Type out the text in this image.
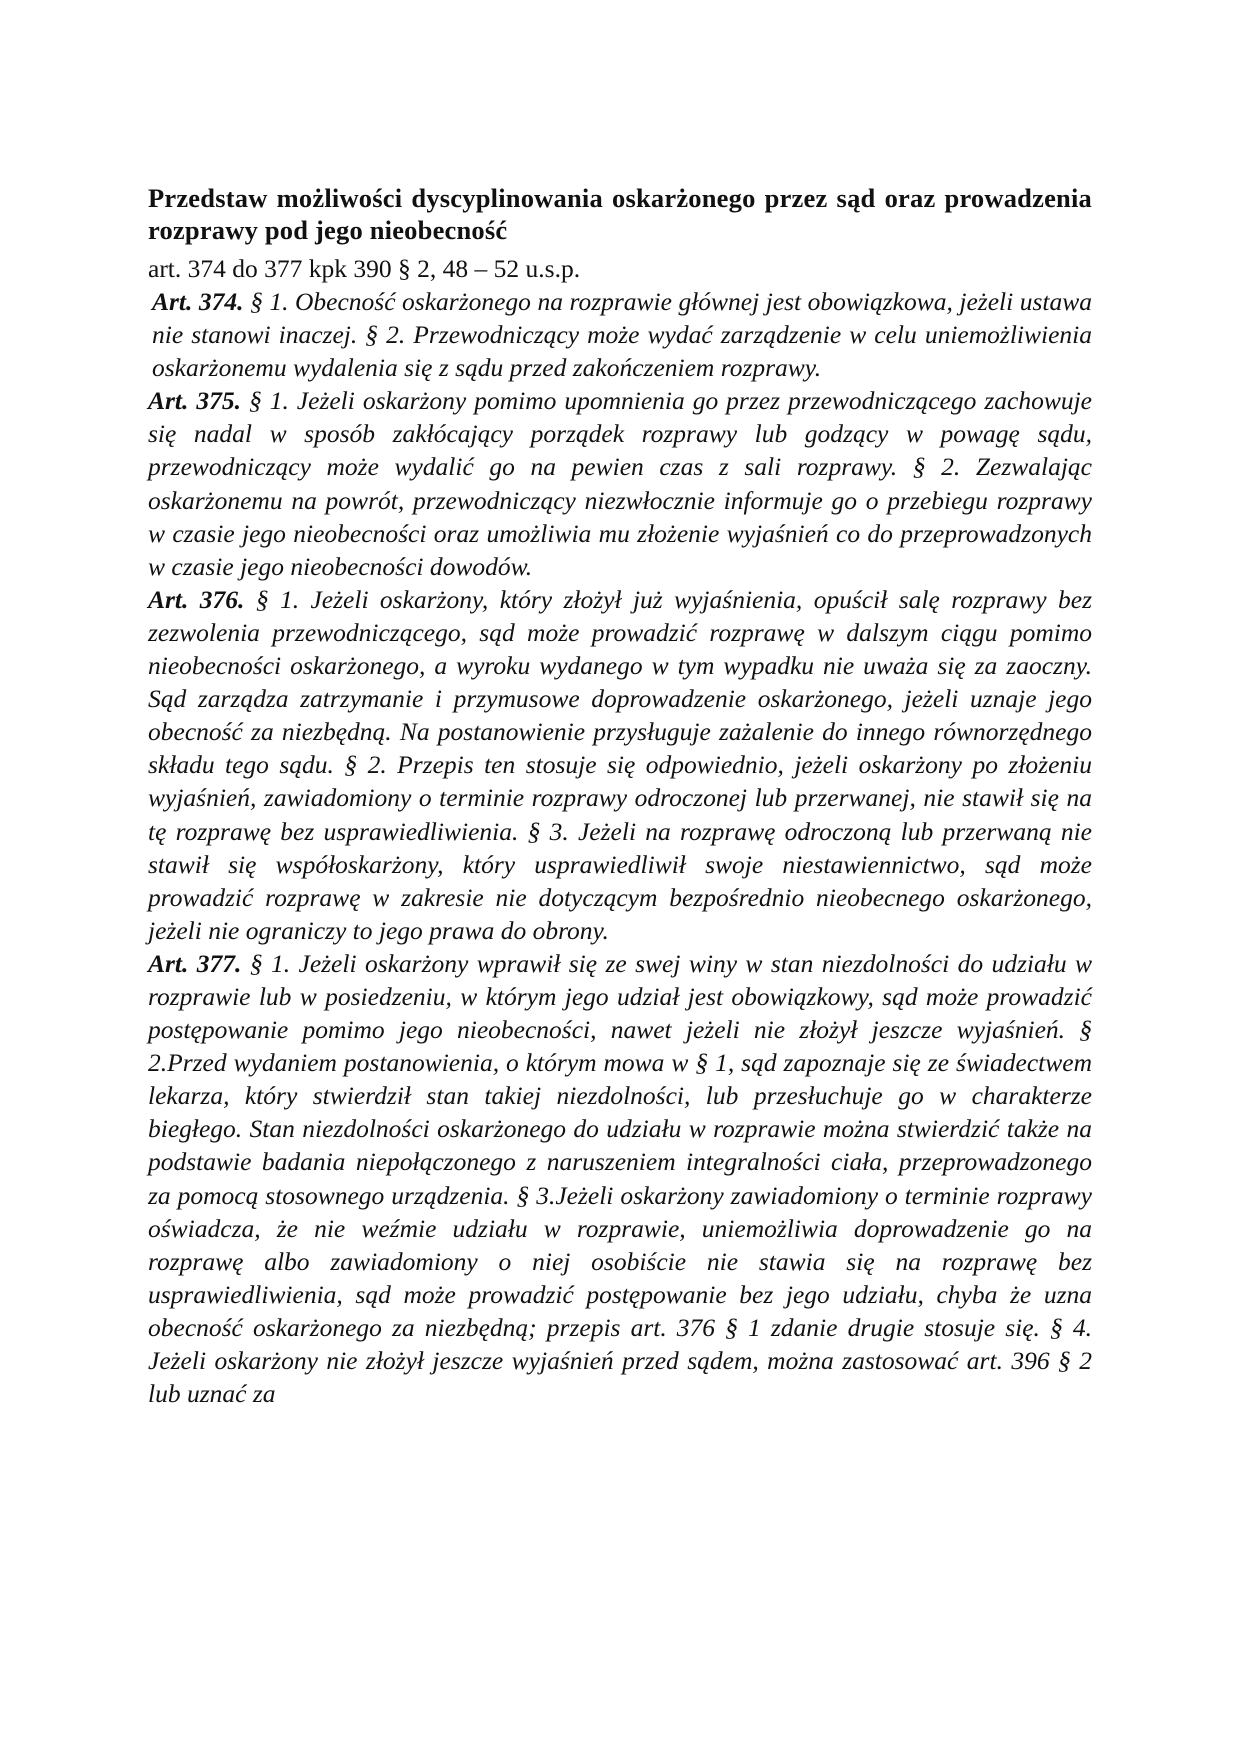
Przedstaw możliwości dyscyplinowania oskarżonego przez sąd oraz prowadzenia rozprawy pod jego nieobecność

art. 374 do 377 kpk 390 § 2, 48 – 52 u.s.p.

Art. 374. § 1. Obecność oskarżonego na rozprawie głównej jest obowiązkowa, jeżeli ustawa nie stanowi inaczej. § 2. Przewodniczący może wydać zarządzenie w celu uniemożliwienia oskarżonemu wydalenia się z sądu przed zakończeniem rozprawy.

Art. 375. § 1. Jeżeli oskarżony pomimo upomnienia go przez przewodniczącego zachowuje się nadal w sposób zakłócający porządek rozprawy lub godzący w powagę sądu, przewodniczący może wydalić go na pewien czas z sali rozprawy. § 2. Zezwalając oskarżonemu na powrót, przewodniczący niezwłocznie informuje go o przebiegu rozprawy w czasie jego nieobecności oraz umożliwia mu złożenie wyjaśnień co do przeprowadzonych w czasie jego nieobecności dowodów.

Art. 376. § 1. Jeżeli oskarżony, który złożył już wyjaśnienia, opuścił salę rozprawy bez zezwolenia przewodniczącego, sąd może prowadzić rozprawę w dalszym ciągu pomimo nieobecności oskarżonego, a wyroku wydanego w tym wypadku nie uważa się za zaoczny. Sąd zarządza zatrzymanie i przymusowe doprowadzenie oskarżonego, jeżeli uznaje jego obecność za niezbędną. Na postanowienie przysługuje zażalenie do innego równorzędnego składu tego sądu. § 2. Przepis ten stosuje się odpowiednio, jeżeli oskarżony po złożeniu wyjaśnień, zawiadomiony o terminie rozprawy odroczonej lub przerwanej, nie stawił się na tę rozprawę bez usprawiedliwienia. § 3. Jeżeli na rozprawę odroczoną lub przerwaną nie stawił się współoskarżony, który usprawiedliwił swoje niestawiennictwo, sąd może prowadzić rozprawę w zakresie nie dotyczącym bezpośrednio nieobecnego oskarżonego, jeżeli nie ograniczy to jego prawa do obrony.

Art. 377. § 1. Jeżeli oskarżony wprawił się ze swej winy w stan niezdolności do udziału w rozprawie lub w posiedzeniu, w którym jego udział jest obowiązkowy, sąd może prowadzić postępowanie pomimo jego nieobecności, nawet jeżeli nie złożył jeszcze wyjaśnień. § 2.Przed wydaniem postanowienia, o którym mowa w § 1, sąd zapoznaje się ze świadectwem lekarza, który stwierdził stan takiej niezdolności, lub przesłuchuje go w charakterze biegłego. Stan niezdolności oskarżonego do udziału w rozprawie można stwierdzić także na podstawie badania niepołączonego z naruszeniem integralności ciała, przeprowadzonego za pomocą stosownego urządzenia. § 3.Jeżeli oskarżony zawiadomiony o terminie rozprawy oświadcza, że nie weźmie udziału w rozprawie, uniemożliwia doprowadzenie go na rozprawę albo zawiadomiony o niej osobiście nie stawia się na rozprawę bez usprawiedliwienia, sąd może prowadzić postępowanie bez jego udziału, chyba że uzna obecność oskarżonego za niezbędną; przepis art. 376 § 1 zdanie drugie stosuje się. § 4. Jeżeli oskarżony nie złożył jeszcze wyjaśnień przed sądem, można zastosować art. 396 § 2 lub uznać za
